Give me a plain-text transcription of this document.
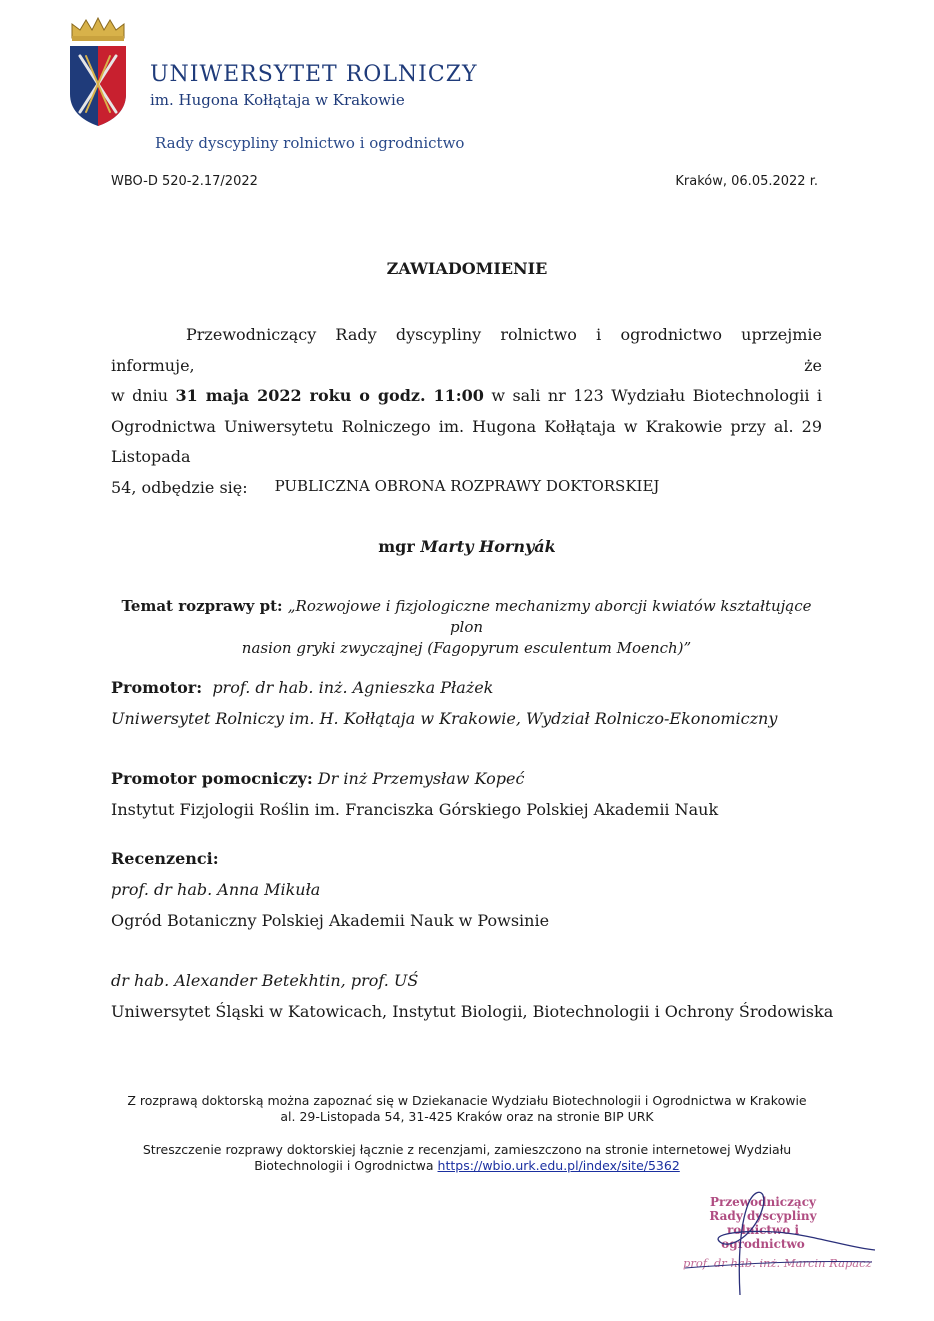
UNIWERSYTET ROLNICZY
im. Hugona Kołłątaja w Krakowie
Rady dyscypliny rolnictwo i ogrodnictwo
WBO-D 520-2.17/2022	Kraków, 06.05.2022 r.
ZAWIADOMIENIE
Przewodniczący Rady dyscypliny rolnictwo i ogrodnictwo uprzejmie informuje, że
w dniu 31 maja 2022 roku o godz. 11:00 w sali nr 123 Wydziału Biotechnologii i
Ogrodnictwa Uniwersytetu Rolniczego im. Hugona Kołłątaja w Krakowie przy al. 29 Listopada
54, odbędzie się:	PUBLICZNA OBRONA ROZPRAWY DOKTORSKIEJ
mgr Marty Hornyák
Temat rozprawy pt: „Rozwojowe i fizjologiczne mechanizmy aborcji kwiatów kształtujące plon
nasion gryki zwyczajnej (Fagopyrum esculentum Moench)”
Promotor: prof. dr hab. inż. Agnieszka Płażek
Uniwersytet Rolniczy im. H. Kołłątaja w Krakowie, Wydział Rolniczo-Ekonomiczny
Promotor pomocniczy: Dr inż Przemysław Kopeć
Instytut Fizjologii Roślin im. Franciszka Górskiego Polskiej Akademii Nauk
Recenzenci:
prof. dr hab. Anna Mikuła
Ogród Botaniczny Polskiej Akademii Nauk w Powsinie
dr hab. Alexander Betekhtin, prof. UŚ
Uniwersytet Śląski w Katowicach, Instytut Biologii, Biotechnologii i Ochrony Środowiska
Z rozprawą doktorską można zapoznać się w Dziekanacie Wydziału Biotechnologii i Ogrodnictwa w Krakowie
al. 29-Listopada 54, 31-425 Kraków oraz na stronie BIP URK
Streszczenie rozprawy doktorskiej łącznie z recenzjami, zamieszczono na stronie internetowej Wydziału
Biotechnologii i Ogrodnictwa https://wbio.urk.edu.pl/index/site/5362
Przewodniczący
Rady dyscypliny
rolnictwo i ogrodnictwo
prof. dr hab. inż. Marcin Rapacz
